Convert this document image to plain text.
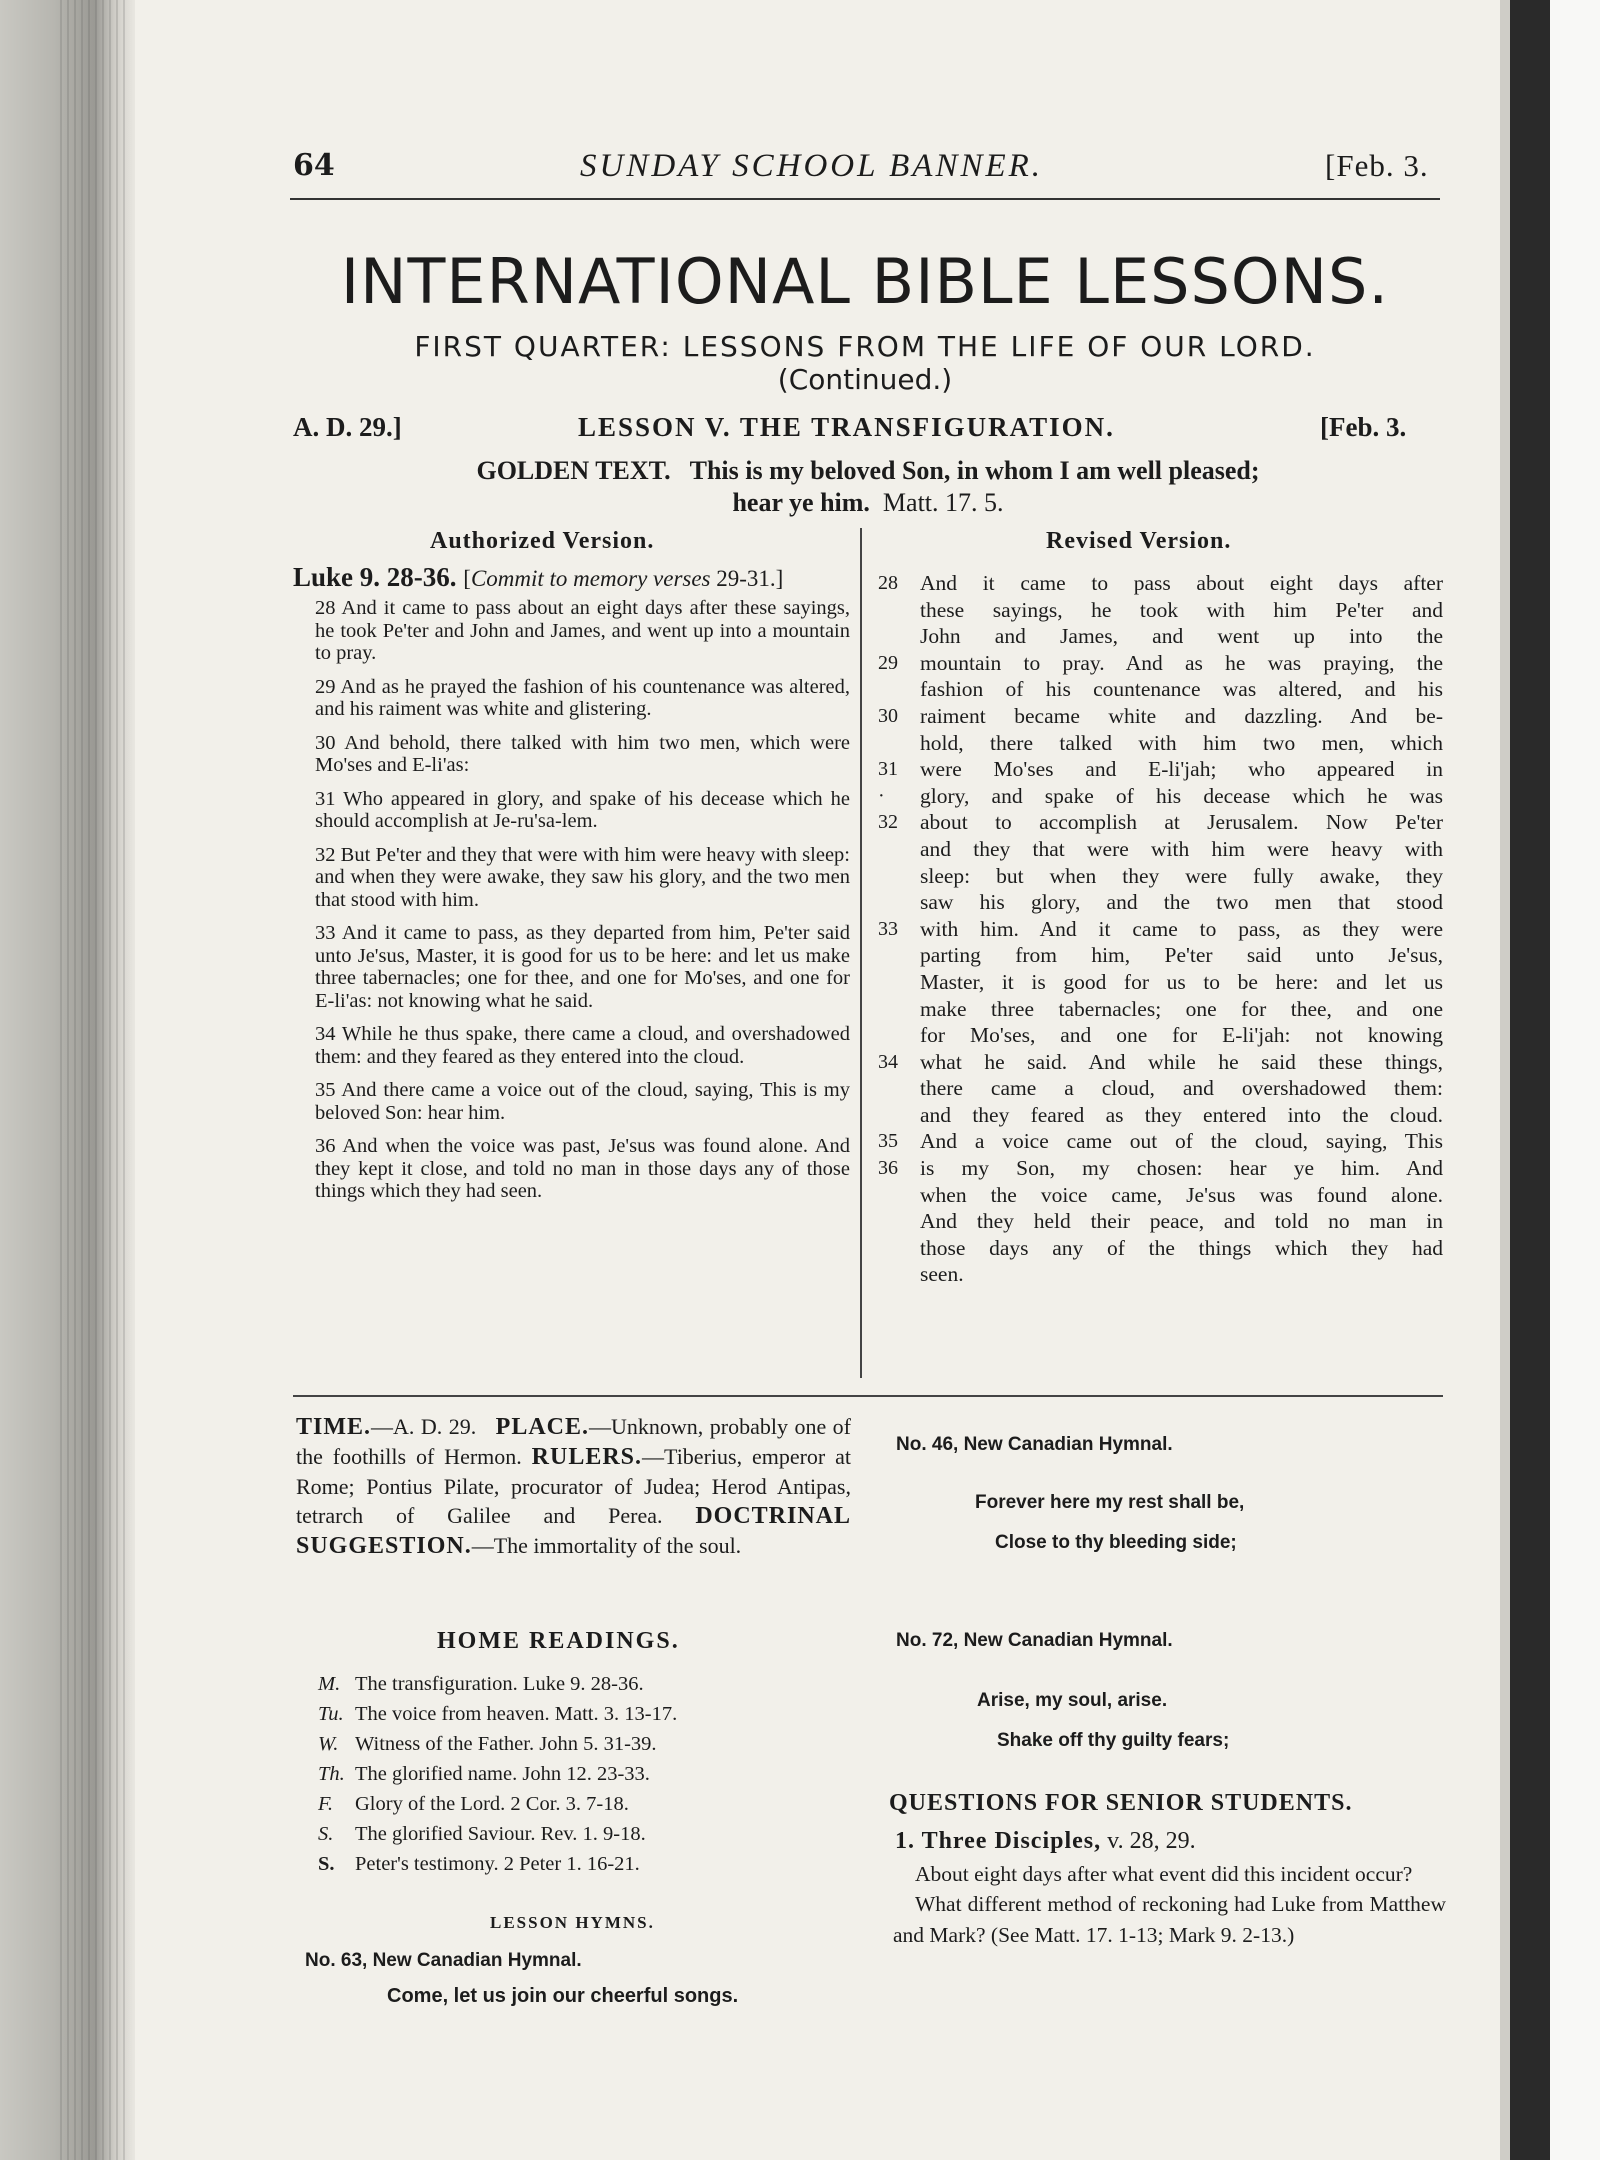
64	SUNDAY SCHOOL BANNER.	[Feb. 3.
INTERNATIONAL BIBLE LESSONS.
FIRST QUARTER: LESSONS FROM THE LIFE OF OUR LORD.
(Continued.)
A. D. 29.]	LESSON V. THE TRANSFIGURATION.	[Feb. 3.
GOLDEN TEXT. This is my beloved Son, in whom I am well pleased;
hear ye him. Matt. 17. 5.
Authorized Version.	Revised Version.
Luke 9. 28-36. [Commit to memory verses 29-31.]

28 And it came to pass about an eight days after these sayings, he took Pe'ter and John and James, and went up into a mountain to pray.

29 And as he prayed the fashion of his countenance was altered, and his raiment was white and glistering.

30 And behold, there talked with him two men, which were Mo'ses and E-li'as:

31 Who appeared in glory, and spake of his decease which he should accomplish at Je-ru'sa-lem.

32 But Pe'ter and they that were with him were heavy with sleep: and when they were awake, they saw his glory, and the two men that stood with him.

33 And it came to pass, as they departed from him, Pe'ter said unto Je'sus, Master, it is good for us to be here: and let us make three tabernacles; one for thee, and one for Mo'ses, and one for E-li'as: not knowing what he said.

34 While he thus spake, there came a cloud, and overshadowed them: and they feared as they entered into the cloud.

35 And there came a voice out of the cloud, saying, This is my beloved Son: hear him.

36 And when the voice was past, Je'sus was found alone. And they kept it close, and told no man in those days any of those things which they had seen.

28	And it came to pass about eight days after
these sayings, he took with him Pe'ter and
John and James, and went up into the
29	mountain to pray. And as he was praying, the
fashion of his countenance was altered, and his
30	raiment became white and dazzling. And be-
hold, there talked with him two men, which
31	were Mo'ses and E-li'jah; who appeared in
·	glory, and spake of his decease which he was
32	about to accomplish at Jerusalem. Now Pe'ter
and they that were with him were heavy with
sleep: but when they were fully awake, they
saw his glory, and the two men that stood
33	with him. And it came to pass, as they were
parting from him, Pe'ter said unto Je'sus,
Master, it is good for us to be here: and let us
make three tabernacles; one for thee, and one
for Mo'ses, and one for E-li'jah: not knowing
34	what he said. And while he said these things,
there came a cloud, and overshadowed them:
and they feared as they entered into the cloud.
35	And a voice came out of the cloud, saying, This
36	is my Son, my chosen: hear ye him. And
when the voice came, Je'sus was found alone.
And they held their peace, and told no man in
those days any of the things which they had
seen.
TIME.—A. D. 29. PLACE.—Unknown, probably one of the foothills of Hermon. RULERS.—Tiberius, emperor at Rome; Pontius Pilate, procurator of Judea; Herod Antipas, tetrarch of Galilee and Perea. DOCTRINAL SUGGESTION.—The immortality of the soul.
HOME READINGS.
M. The transfiguration. Luke 9. 28-36.
Tu. The voice from heaven. Matt. 3. 13-17.
W. Witness of the Father. John 5. 31-39.
Th. The glorified name. John 12. 23-33.
F. Glory of the Lord. 2 Cor. 3. 7-18.
S. The glorified Saviour. Rev. 1. 9-18.
S. Peter's testimony. 2 Peter 1. 16-21.
LESSON HYMNS.
No. 63, New Canadian Hymnal.
Come, let us join our cheerful songs.
No. 46, New Canadian Hymnal.
Forever here my rest shall be,
Close to thy bleeding side;
No. 72, New Canadian Hymnal.
Arise, my soul, arise.
Shake off thy guilty fears;
QUESTIONS FOR SENIOR STUDENTS.
1. Three Disciples, v. 28, 29.

About eight days after what event did this incident occur?

What different method of reckoning had Luke from Matthew and Mark? (See Matt. 17. 1-13; Mark 9. 2-13.)
